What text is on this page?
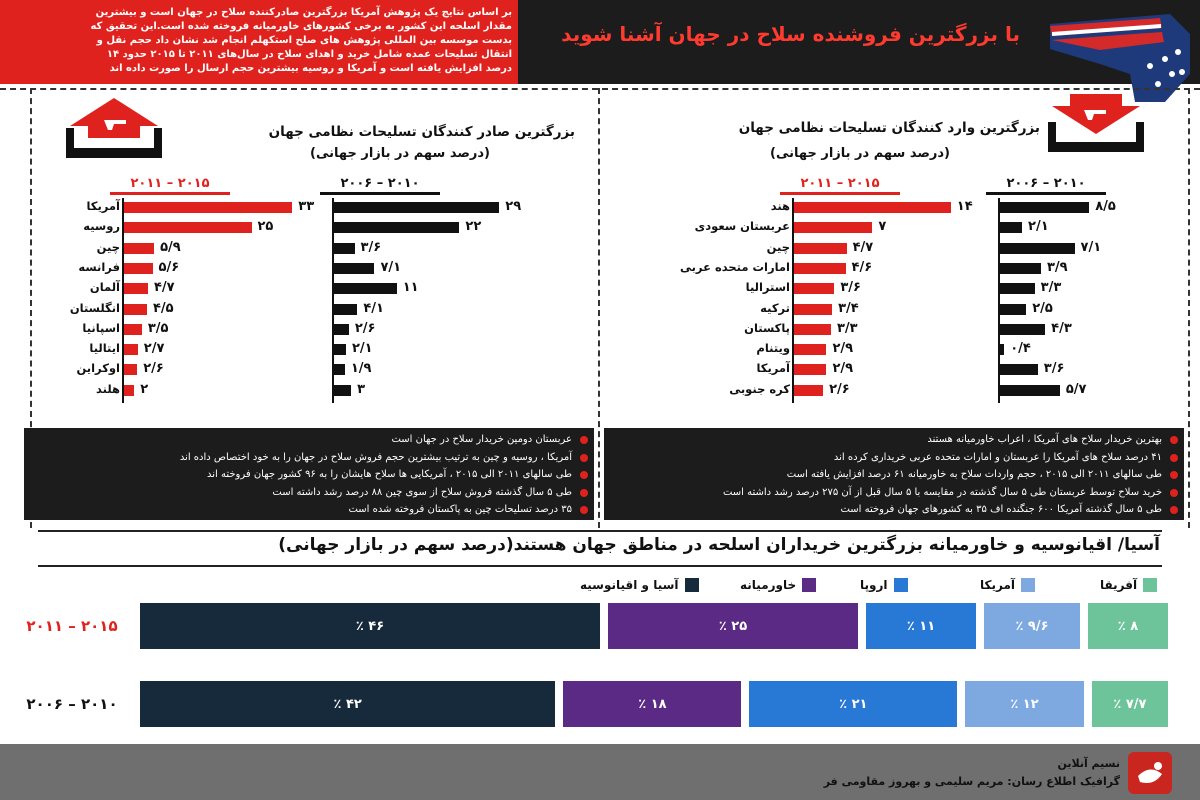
بر اساس نتایج یک پژوهش آمریکا بزرگترین صادرکننده سلاح در جهان است و بیشترین
مقدار اسلحه این کشور به برخی کشورهای خاورمیانه فروخته شده است.این تحقیق که
بدست موسسه بین المللی پژوهش های صلح استکهلم انجام شد نشان داد حجم نقل و
انتقال تسلیحات عمده شامل خرید و اهدای سلاح در سال‌های ۲۰۱۱ تا ۲۰۱۵ حدود ۱۴
درصد افزایش یافته است و آمریکا و روسیه بیشترین حجم ارسال را صورت داده اند
با بزرگترین فروشنده سلاح در جهان آشنا شوید
بزرگترین وارد کنندگان تسلیحات نظامی جهان
(درصد سهم در بازار جهانی)
بزرگترین صادر کنندگان تسلیحات نظامی جهان
(درصد سهم در بازار جهانی)
۲۰۱۱ – ۲۰۱۵	۲۰۰۶ – ۲۰۱۰
هند	۱۴	۸/۵
عربستان سعودی	۷	۲/۱
چین	۴/۷	۷/۱
امارات متحده عربی	۴/۶	۳/۹
استرالیا	۳/۶	۳/۳
ترکیه	۳/۴	۲/۵
پاکستان	۳/۳	۴/۳
ویتنام	۲/۹	۰/۴
آمریکا	۲/۹	۳/۶
کره جنوبی	۲/۶	۵/۷
۲۰۱۱ – ۲۰۱۵	۲۰۰۶ – ۲۰۱۰
آمریکا	۳۳	۲۹
روسیه	۲۵	۲۲
چین	۵/۹	۳/۶
فرانسه	۵/۶	۷/۱
آلمان	۴/۷	۱۱
انگلستان	۴/۵	۴/۱
اسپانیا ۳/۵	۲/۶
ایتالیا ۲/۷	۲/۱
اوکراین ۲/۶	۱/۹
هلند ۲	۳
بهترین خریدار سلاح های آمریکا ، اعراب خاورمیانه هستند
۴۱ درصد سلاح های آمریکا را عربستان و امارات متحده عربی خریداری کرده اند
طی سالهای ۲۰۱۱ الی ۲۰۱۵ ، حجم واردات سلاح به خاورمیانه ۶۱ درصد افزایش یافته است
خرید سلاح توسط عربستان طی ۵ سال گذشته در مقایسه با ۵ سال قبل از آن ۲۷۵ درصد رشد داشته است
طی ۵ سال گذشته آمریکا ۶۰۰ جنگنده اف ۳۵ به کشورهای جهان فروخته است
عربستان دومین خریدار سلاح در جهان است
آمریکا ، روسیه و چین به ترتیب بیشترین حجم فروش سلاح در جهان را به خود اختصاص داده اند
طی سالهای ۲۰۱۱ الی ۲۰۱۵ ، آمریکایی ها سلاح هایشان را به ۹۶ کشور جهان فروخته اند
طی ۵ سال گذشته فروش سلاح از سوی چین ۸۸ درصد رشد داشته است
۳۵ درصد تسلیحات چین به پاکستان فروخته شده است
آسیا/ اقیانوسیه و خاورمیانه بزرگترین خریداران اسلحه در مناطق جهان هستند(درصد سهم در بازار جهانی)
آسیا و اقیانوسیه	خاورمیانه	اروپا	آمریکا	آفریقا
۲۰۱۱ – ۲۰۱۵	٪ ۴۶	٪ ۲۵	٪ ۱۱	٪ ۹/۶	٪ ۸
۲۰۰۶ – ۲۰۱۰	٪ ۴۲	٪ ۱۸	٪ ۲۱	٪ ۱۲	٪ ۷/۷
نسیم آنلاین
گرافیک اطلاع رسان: مریم سلیمی و بهروز مقاومی فر
